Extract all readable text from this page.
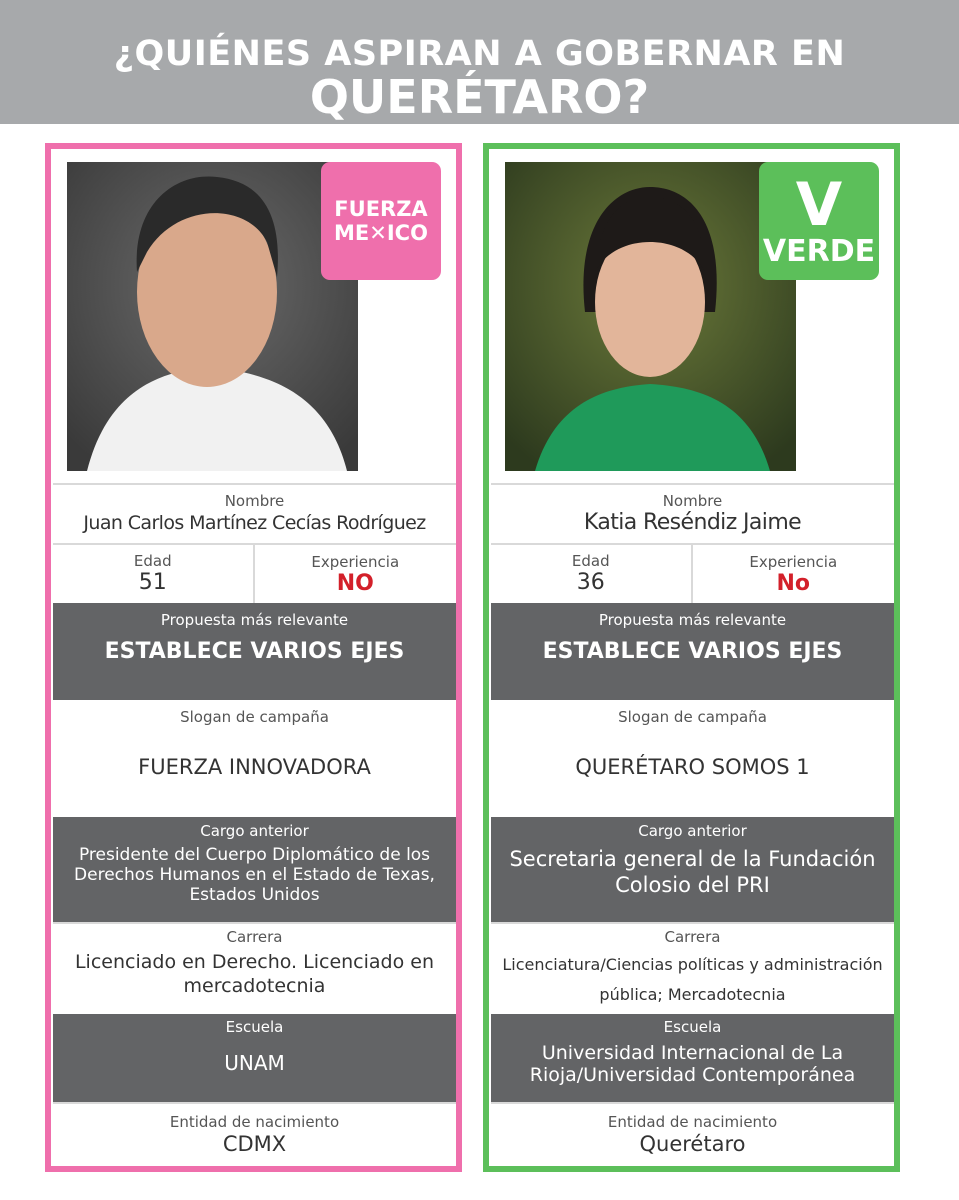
¿QUIÉNES ASPIRAN A GOBERNAR EN
QUERÉTARO?
FUERZA
ME✕ICO
Nombre
Juan Carlos Martínez Cecías Rodríguez
Edad
51
Experiencia
NO
Propuesta más relevante
ESTABLECE VARIOS EJES
Slogan de campaña
FUERZA INNOVADORA
Cargo anterior
Presidente del Cuerpo Diplomático de los Derechos Humanos en el Estado de Texas, Estados Unidos
Carrera
Licenciado en Derecho. Licenciado en mercadotecnia
Escuela
UNAM
Entidad de nacimiento
CDMX
V
VERDE
Nombre
Katia Reséndiz Jaime
Edad
36
Experiencia
No
Propuesta más relevante
ESTABLECE VARIOS EJES
Slogan de campaña
QUERÉTARO SOMOS 1
Cargo anterior
Secretaria general de la Fundación Colosio del PRI
Carrera
Licenciatura/Ciencias políticas y administración pública; Mercadotecnia
Escuela
Universidad Internacional de La Rioja/Universidad Contemporánea
Entidad de nacimiento
Querétaro
